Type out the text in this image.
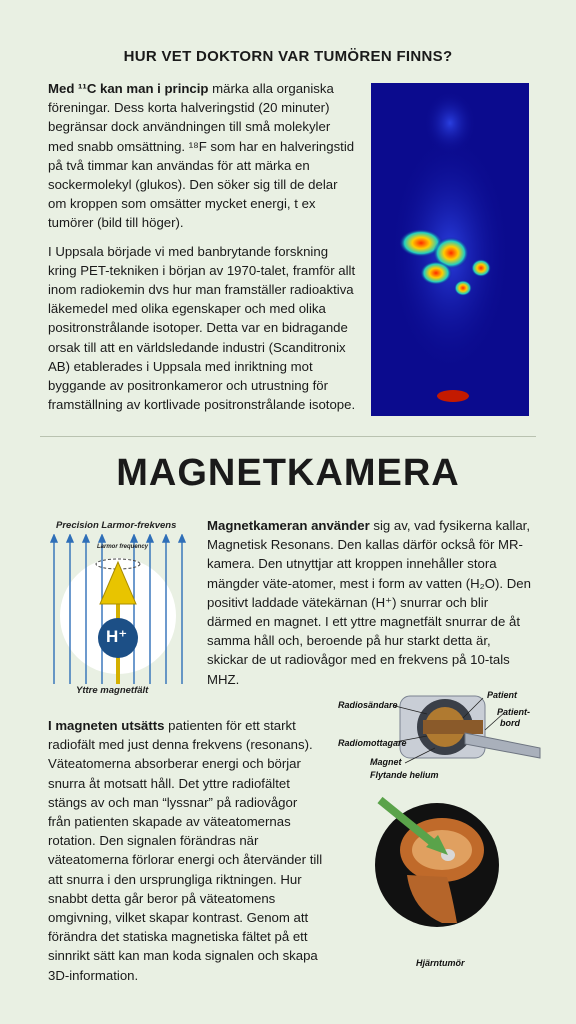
HUR VET DOKTORN VAR TUMÖREN FINNS?

Med ¹¹C kan man i princip märka alla organiska föreningar. Dess korta halveringstid (20 minuter) begränsar dock användningen till små molekyler med snabb omsättning. ¹⁸F som har en halveringstid på två timmar kan användas för att märka en sockermolekyl (glukos). Den söker sig till de delar om kroppen som omsätter mycket energi, t ex tumörer (bild till höger).

I Uppsala började vi med banbrytande forskning kring PET-tekniken i början av 1970-talet, framför allt inom radiokemin dvs hur man framställer radioaktiva läkemedel med olika egenskaper och med olika positronstrålande isotoper. Detta var en bidragande orsak till att en världsledande industri (Scanditronix AB) etablerades i Uppsala med inriktning mot byggande av positronkameror och utrustning för framställning av kortlivade positronstrålande isotope.

MAGNETKAMERA
Precision Larmor-frekvens
Larmor frequency
H⁺
Yttre magnetfält

Magnetkameran använder sig av, vad fysikerna kallar, Magnetisk Resonans. Den kallas därför också för MR-kamera. Den utnyttjar att kroppen innehåller stora mängder väte-atomer, mest i form av vatten (H₂O). Den positivt laddade vätekärnan (H⁺) snurrar och blir därmed en magnet. I ett yttre magnetfält snurrar de åt samma håll och, beroende på hur starkt detta är, skickar de ut radiovågor med en frekvens på 10-tals MHZ.

I magneten utsätts patienten för ett starkt radiofält med just denna frekvens (resonans). Väteatomerna absorberar energi och börjar snurra åt motsatt håll. Det yttre radiofältet stängs av och man “lyssnar” på radiovågor från patienten skapade av väteatomernas rotation. Den signalen förändras när väteatomerna förlorar energi och återvänder till att snurra i den ursprungliga riktningen. Hur snabbt detta går beror på väteatomens omgivning, vilket skapar kontrast. Genom att förändra det statiska magnetiska fältet på ett sinnrikt sätt kan man koda signalen och skapa 3D-information.

Radiosändare
Radiomottagare
Magnet
Flytande helium
Patient
Patient-
bord
Hjärntumör
